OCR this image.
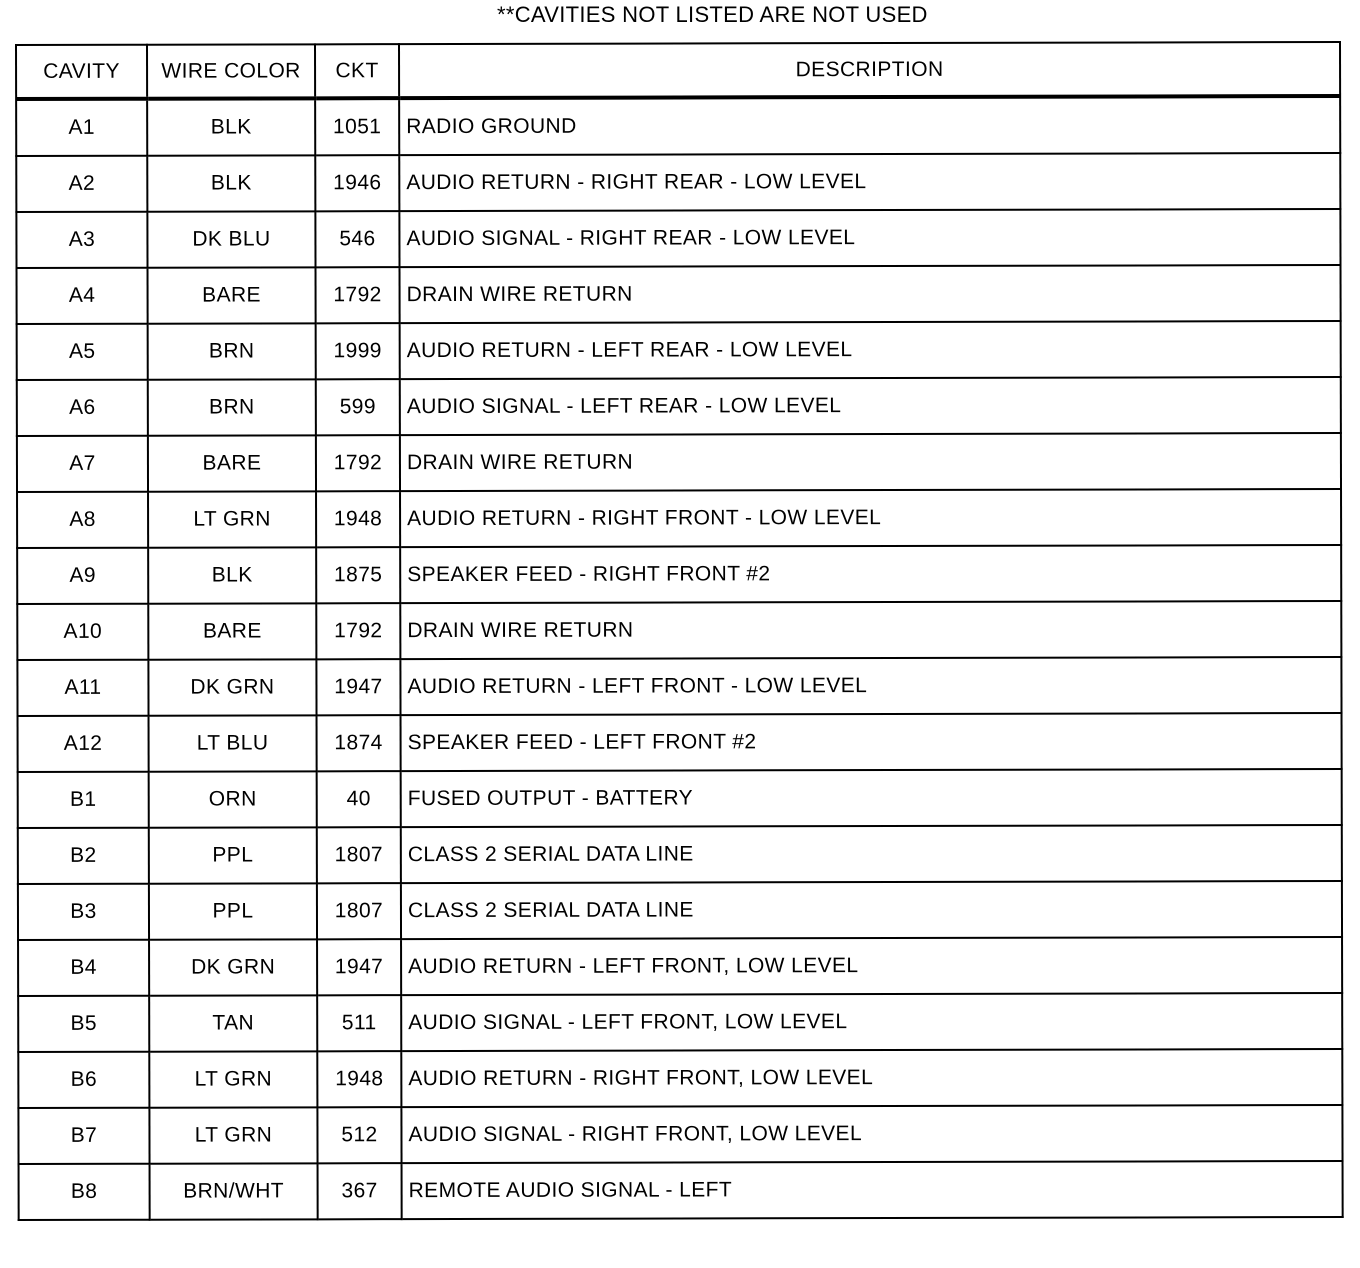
**CAVITIES NOT LISTED ARE NOT USED
CAVITY	WIRE COLOR	CKT	DESCRIPTION
A1	BLK	1051	RADIO GROUND
A2	BLK	1946	AUDIO RETURN - RIGHT REAR - LOW LEVEL
A3	DK BLU	546	AUDIO SIGNAL - RIGHT REAR - LOW LEVEL
A4	BARE	1792	DRAIN WIRE RETURN
A5	BRN	1999	AUDIO RETURN - LEFT REAR - LOW LEVEL
A6	BRN	599	AUDIO SIGNAL - LEFT REAR - LOW LEVEL
A7	BARE	1792	DRAIN WIRE RETURN
A8	LT GRN	1948	AUDIO RETURN - RIGHT FRONT - LOW LEVEL
A9	BLK	1875	SPEAKER FEED - RIGHT FRONT #2
A10	BARE	1792	DRAIN WIRE RETURN
A11	DK GRN	1947	AUDIO RETURN - LEFT FRONT - LOW LEVEL
A12	LT BLU	1874	SPEAKER FEED - LEFT FRONT #2
B1	ORN	40	FUSED OUTPUT - BATTERY
B2	PPL	1807	CLASS 2 SERIAL DATA LINE
B3	PPL	1807	CLASS 2 SERIAL DATA LINE
B4	DK GRN	1947	AUDIO RETURN - LEFT FRONT, LOW LEVEL
B5	TAN	511	AUDIO SIGNAL - LEFT FRONT, LOW LEVEL
B6	LT GRN	1948	AUDIO RETURN - RIGHT FRONT, LOW LEVEL
B7	LT GRN	512	AUDIO SIGNAL - RIGHT FRONT, LOW LEVEL
B8	BRN/WHT	367	REMOTE AUDIO SIGNAL - LEFT
